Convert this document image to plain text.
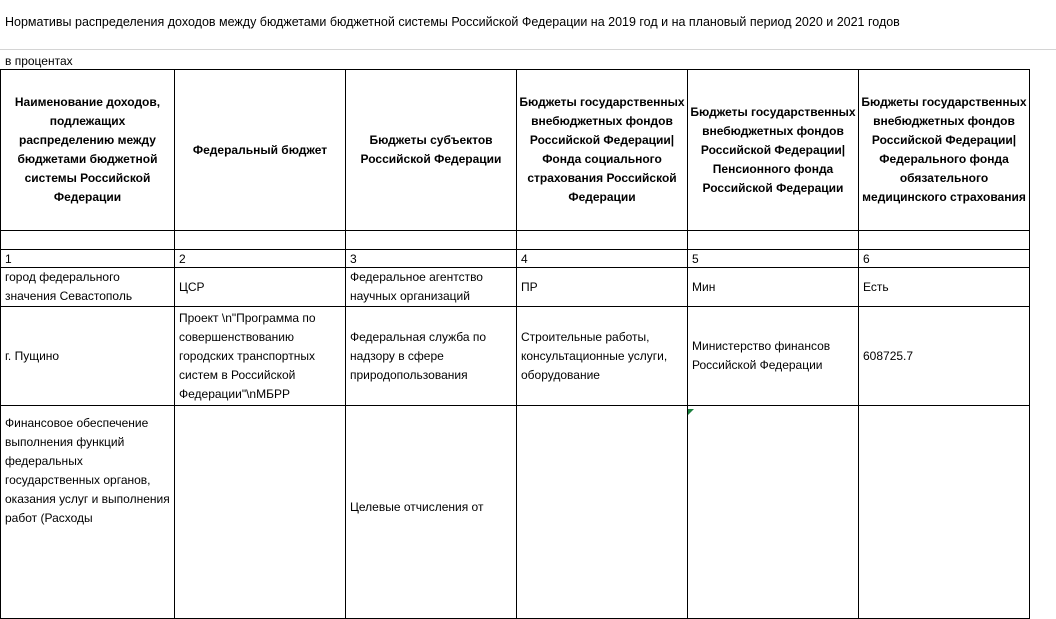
Нормативы распределения доходов между бюджетами бюджетной системы Российской Федерации на 2019 год и на плановый период 2020 и 2021 годов
в процентах
Наименование доходов, подлежащих распределению между бюджетами бюджетной системы Российской Федерации	Федеральный бюджет	Бюджеты субъектов Российской Федерации	Бюджеты государственных внебюджетных фондов Российской Федерации|Фонда социального страхования Российской Федерации	Бюджеты государственных внебюджетных фондов Российской Федерации|Пенсионного фонда Российской Федерации	Бюджеты государственных внебюджетных фондов Российской Федерации|Федерального фонда обязательного медицинского страхования

1	2	3	4	5	6
город федерального значения Севастополь	ЦСР	Федеральное агентство научных организаций	ПР	Мин	Есть
г. Пущино	Проект \n"Программа по совершенствованию городских транспортных систем в Российской Федерации"\nМБРР	Федеральная служба по надзору в сфере природопользования	Строительные работы, консультационные услуги, оборудование	Министерство финансов Российской Федерации	608725.7

Финансовое обеспечение выполнения функций федеральных государственных органов, оказания услуг и выполнения работ (Расходы		Целевые отчисления от			
